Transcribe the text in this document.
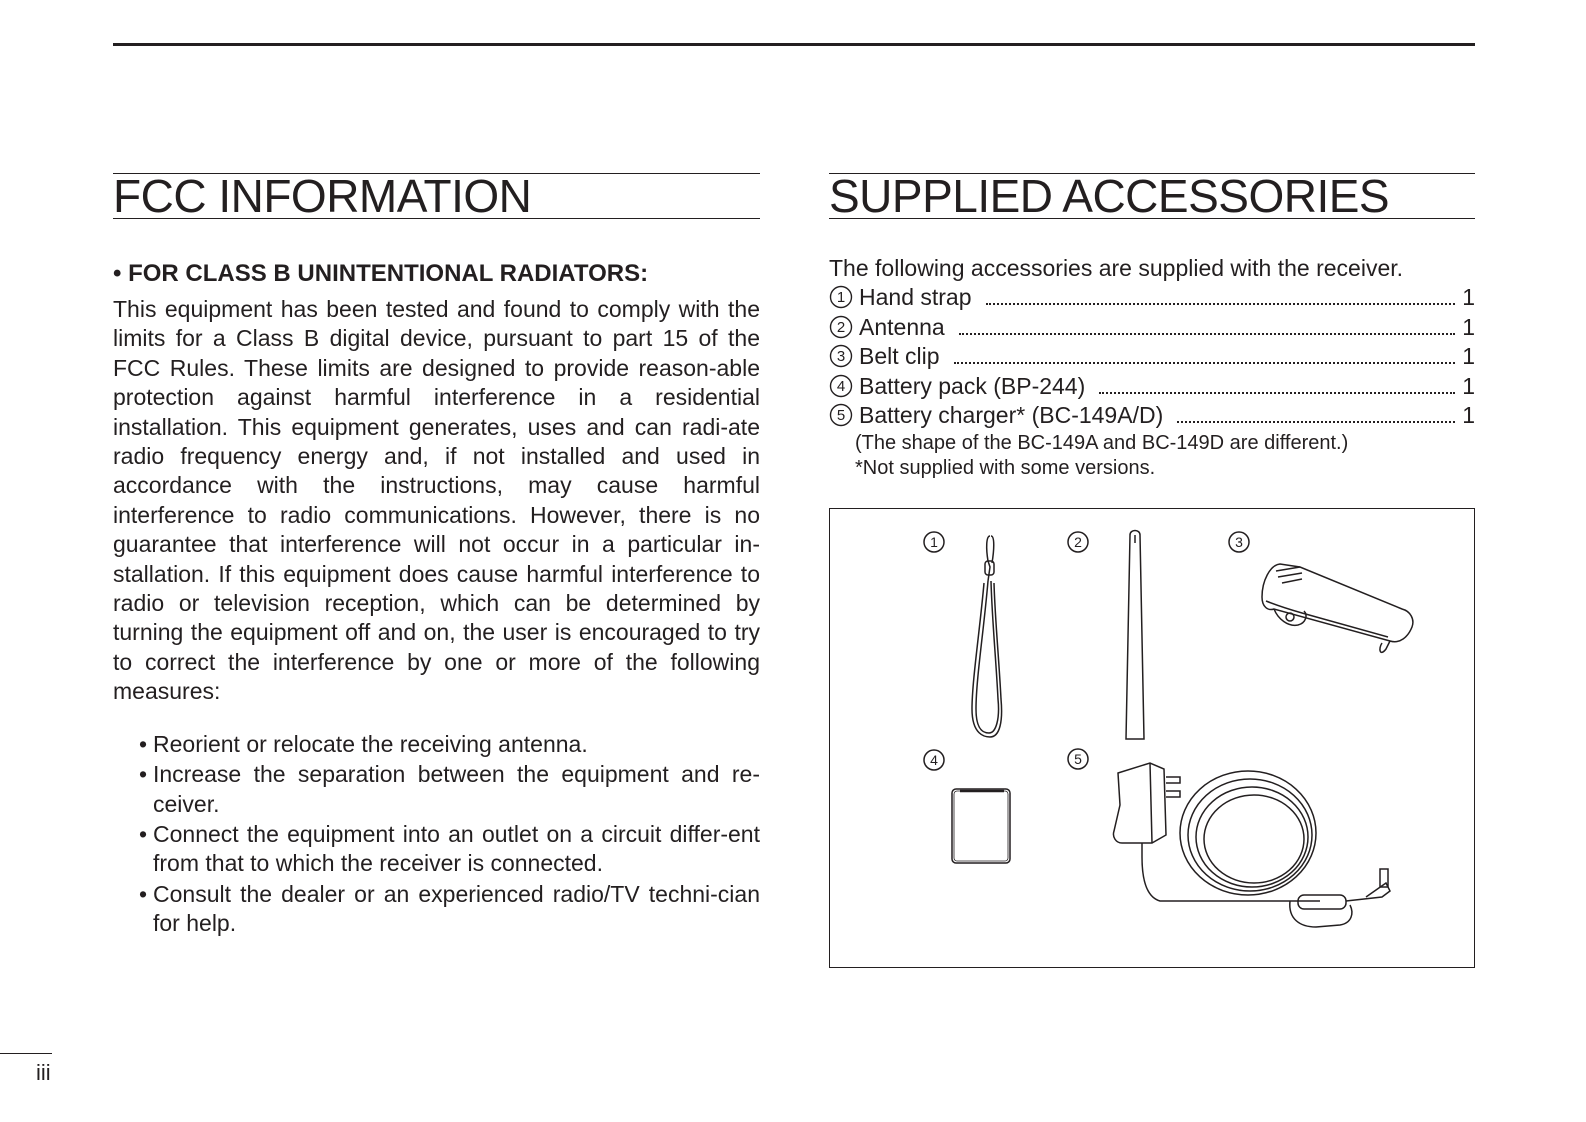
FCC INFORMATION
• FOR CLASS B UNINTENTIONAL RADIATORS:

This equipment has been tested and found to comply with the limits for a Class B digital device, pursuant to part 15 of the FCC Rules. These limits are designed to provide reason-able protection against harmful interference in a residential installation. This equipment generates, uses and can radi-ate radio frequency energy and, if not installed and used in accordance with the instructions, may cause harmful interference to radio communications. However, there is no guarantee that interference will not occur in a particular in-stallation. If this equipment does cause harmful interference to radio or television reception, which can be determined by turning the equipment off and on, the user is encouraged to try to correct the interference by one or more of the following measures:

• Reorient or relocate the receiving antenna.
• Increase the separation between the equipment and re-ceiver.
• Connect the equipment into an outlet on a circuit differ-ent from that to which the receiver is connected.
• Consult the dealer or an experienced radio/TV techni-cian for help.
SUPPLIED ACCESSORIES
The following accessories are supplied with the receiver.
1 Hand strap	1
2 Antenna	1
3 Belt clip	1
4 Battery pack (BP-244)	1
5 Battery charger* (BC-149A/D)	1
(The shape of the BC-149A and BC-149D are different.)
*Not supplied with some versions.
1	2	3
4	5
iii
